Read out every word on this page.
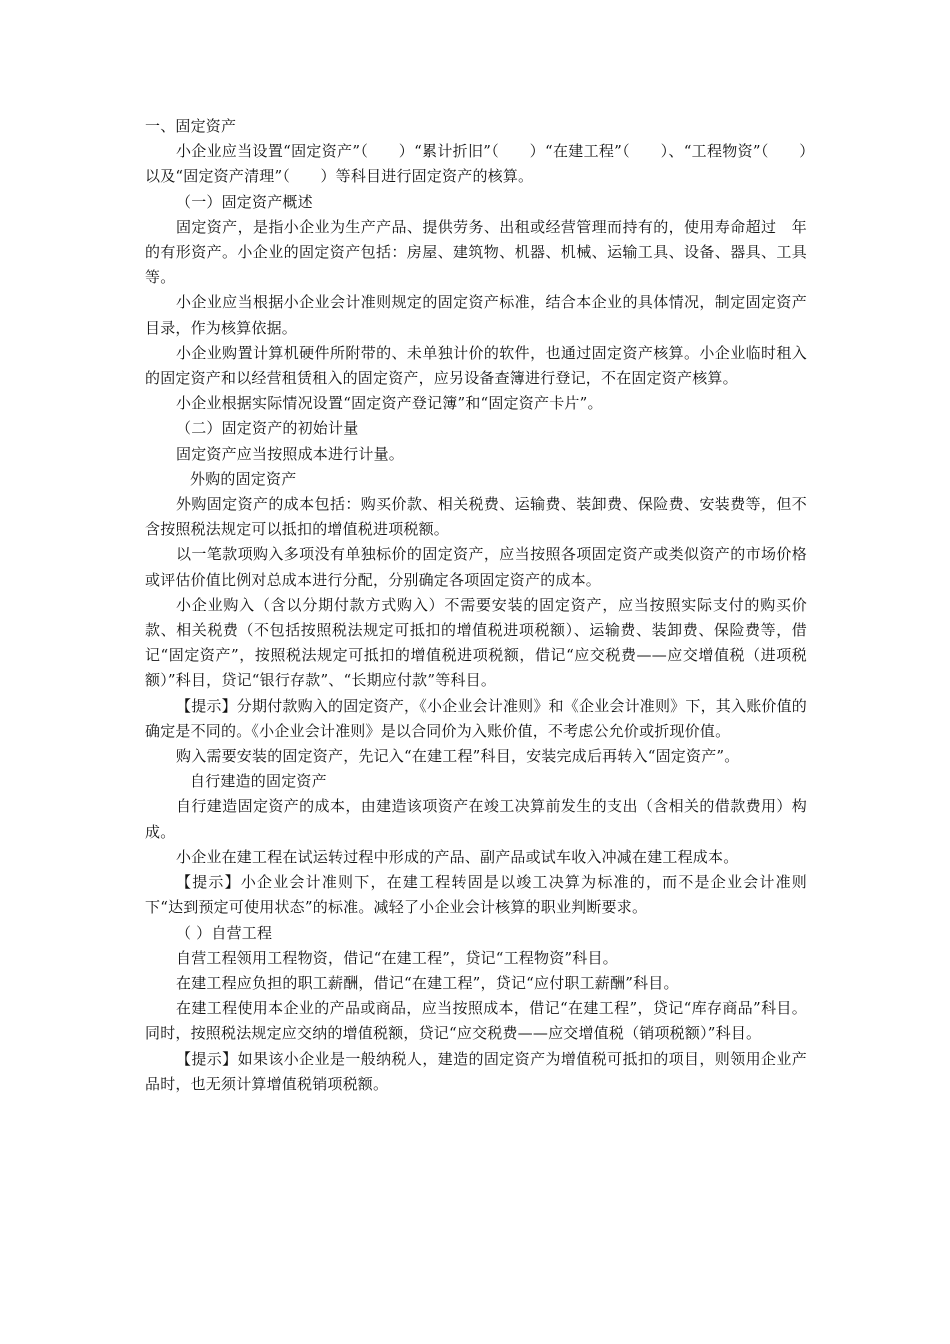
一、固定资产

小企业应当设置“固定资产”（　　）“累计折旧”（　　）“在建工程”（　　）、“工程物资”（　　）以及“固定资产清理”（　　）等科目进行固定资产的核算。

（一）固定资产概述

固定资产，是指小企业为生产产品、提供劳务、出租或经营管理而持有的，使用寿命超过　年的有形资产。小企业的固定资产包括：房屋、建筑物、机器、机械、运输工具、设备、器具、工具等。

小企业应当根据小企业会计准则规定的固定资产标准，结合本企业的具体情况，制定固定资产目录，作为核算依据。

小企业购置计算机硬件所附带的、未单独计价的软件，也通过固定资产核算。小企业临时租入的固定资产和以经营租赁租入的固定资产，应另设备查簿进行登记，不在固定资产核算。

小企业根据实际情况设置“固定资产登记簿”和“固定资产卡片”。

（二）固定资产的初始计量

固定资产应当按照成本进行计量。

外购的固定资产

外购固定资产的成本包括：购买价款、相关税费、运输费、装卸费、保险费、安装费等，但不含按照税法规定可以抵扣的增值税进项税额。

以一笔款项购入多项没有单独标价的固定资产，应当按照各项固定资产或类似资产的市场价格或评估价值比例对总成本进行分配，分别确定各项固定资产的成本。

小企业购入（含以分期付款方式购入）不需要安装的固定资产，应当按照实际支付的购买价款、相关税费（不包括按照税法规定可抵扣的增值税进项税额）、运输费、装卸费、保险费等，借记“固定资产”，按照税法规定可抵扣的增值税进项税额，借记“应交税费——应交增值税（进项税额）”科目，贷记“银行存款”、“长期应付款”等科目。

【提示】分期付款购入的固定资产，《小企业会计准则》和《企业会计准则》下，其入账价值的确定是不同的。《小企业会计准则》是以合同价为入账价值，不考虑公允价或折现价值。

购入需要安装的固定资产，先记入“在建工程”科目，安装完成后再转入“固定资产”。

自行建造的固定资产

自行建造固定资产的成本，由建造该项资产在竣工决算前发生的支出（含相关的借款费用）构成。

小企业在建工程在试运转过程中形成的产品、副产品或试车收入冲减在建工程成本。

【提示】小企业会计准则下，在建工程转固是以竣工决算为标准的，而不是企业会计准则下“达到预定可使用状态”的标准。减轻了小企业会计核算的职业判断要求。

（ ）自营工程

自营工程领用工程物资，借记“在建工程”，贷记“工程物资”科目。

在建工程应负担的职工薪酬，借记“在建工程”，贷记“应付职工薪酬”科目。

在建工程使用本企业的产品或商品，应当按照成本，借记“在建工程”，贷记“库存商品”科目。同时，按照税法规定应交纳的增值税额，贷记“应交税费——应交增值税（销项税额）”科目。

【提示】如果该小企业是一般纳税人，建造的固定资产为增值税可抵扣的项目，则领用企业产品时，也无须计算增值税销项税额。
